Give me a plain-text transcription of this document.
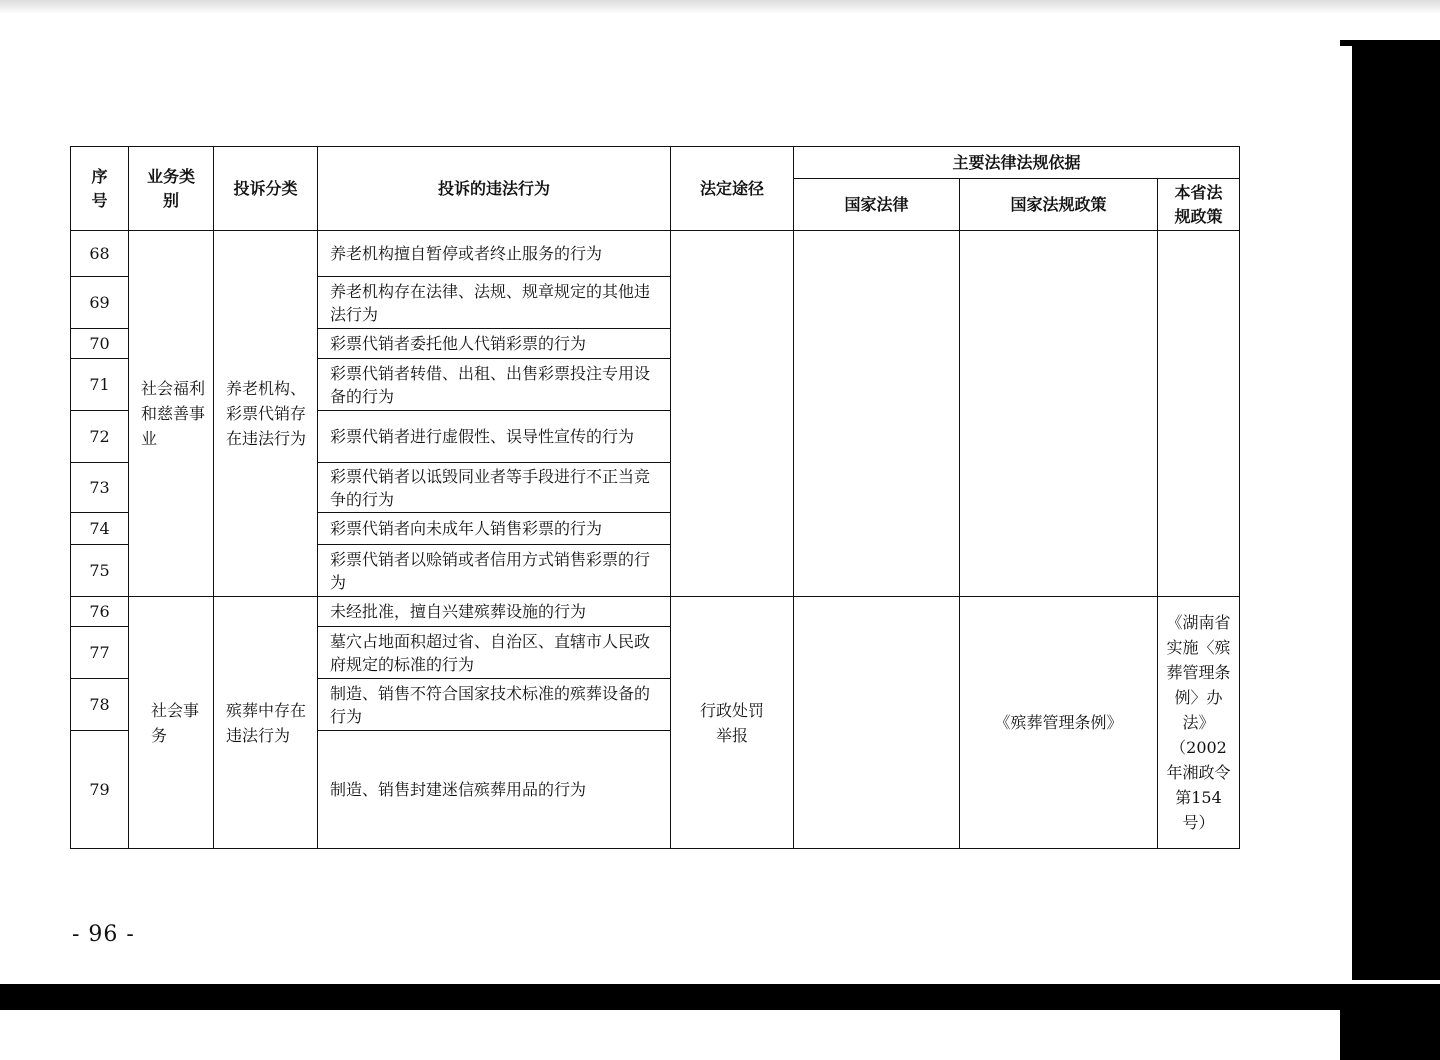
序号	业务类别	投诉分类	投诉的违法行为	法定途径	主要法律法规依据		
					国家法律	国家法规政策	本省法规政策
68	社会福利和慈善事业	养老机构、彩票代销存在违法行为	养老机构擅自暂停或者终止服务的行为				
69			养老机构存在法律、法规、规章规定的其他违法行为				
70			彩票代销者委托他人代销彩票的行为				
71			彩票代销者转借、出租、出售彩票投注专用设备的行为				
72			彩票代销者进行虚假性、误导性宣传的行为				
73			彩票代销者以诋毁同业者等手段进行不正当竞争的行为				
74			彩票代销者向未成年人销售彩票的行为				
75			彩票代销者以赊销或者信用方式销售彩票的行为				
76	社会事务	殡葬中存在违法行为	未经批准，擅自兴建殡葬设施的行为	行政处罚举报		《殡葬管理条例》	《湖南省实施〈殡葬管理条例〉办法》（2002年湘政令第154号）
77			墓穴占地面积超过省、自治区、直辖市人民政府规定的标准的行为				
78			制造、销售不符合国家技术标准的殡葬设备的行为				
79			制造、销售封建迷信殡葬用品的行为				
- 96 -
